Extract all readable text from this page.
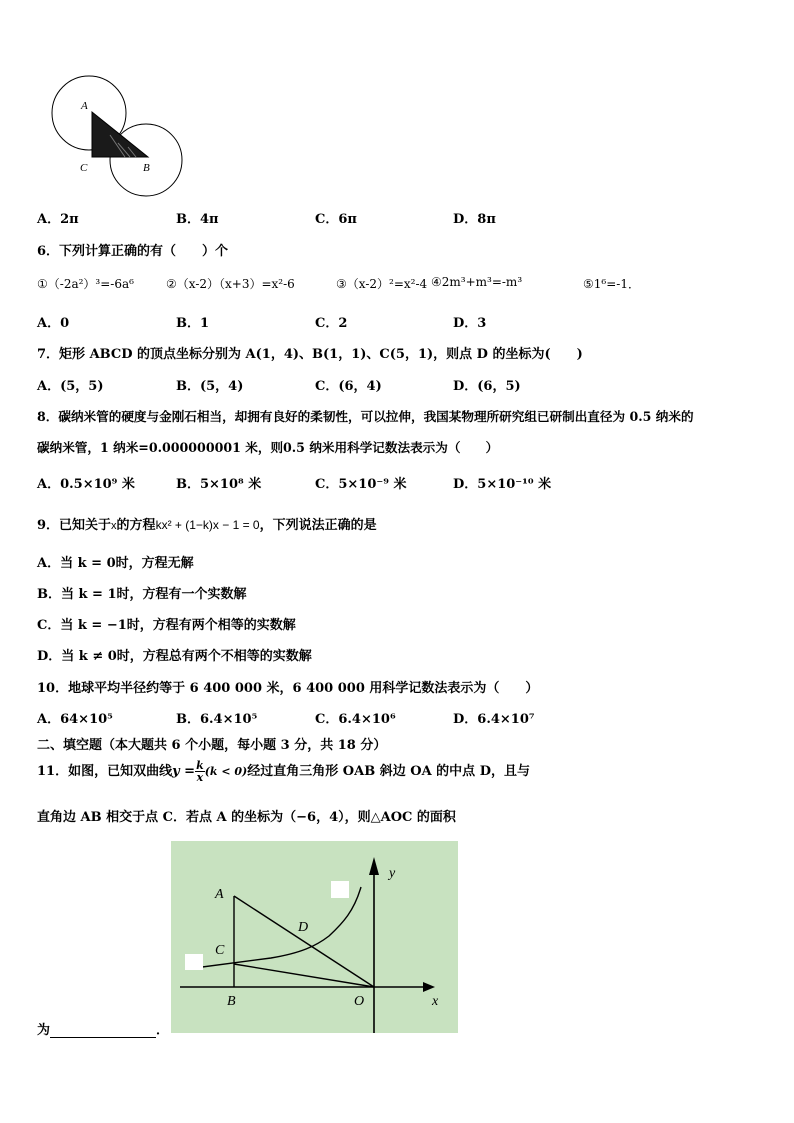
A
C	B
A．2π	B．4π	C．6π	D．8π
6．下列计算正确的有（　　）个
①（-2a²）³=-6a⁶	②（x-2）（x+3）=x²-6	③（x-2）²=x²-4 ④2m³+m³=-m³	⑤1⁶=-1．
A．0	B．1	C．2	D．3
7．矩形 ABCD 的顶点坐标分别为 A(1，4)、B(1，1)、C(5，1)，则点 D 的坐标为(　　)
A．(5，5)	B．(5，4)	C．(6，4)	D．(6，5)
8．碳纳米管的硬度与金刚石相当，却拥有良好的柔韧性，可以拉伸，我国某物理所研究组已研制出直径为 0.5 纳米的
碳纳米管，1 纳米=0.000000001 米，则0.5 纳米用科学记数法表示为（　　）
A．0.5×10⁹ 米	B．5×10⁸ 米	C．5×10⁻⁹ 米	D．5×10⁻¹⁰ 米
9．已知关于x的方程kx² + (1−k)x − 1 = 0，下列说法正确的是
A．当 k = 0时，方程无解
B．当 k = 1时，方程有一个实数解
C．当 k = −1时，方程有两个相等的实数解
D．当 k ≠ 0时，方程总有两个不相等的实数解
10．地球平均半径约等于 6 400 000 米，6 400 000 用科学记数法表示为（　　）
A．64×10⁵	B．6.4×10⁵	C．6.4×10⁶	D．6.4×10⁷
二、填空题（本大题共 6 个小题，每小题 3 分，共 18 分）
11．如图，已知双曲线$y = \frac{k}{x} (k < 0)$经过直角三角形 OAB 斜边 OA 的中点 D，且与
直角边 AB 相交于点 C．若点 A 的坐标为（−6，4），则△AOC 的面积
y
x
A
C
D
B	O
为	．
